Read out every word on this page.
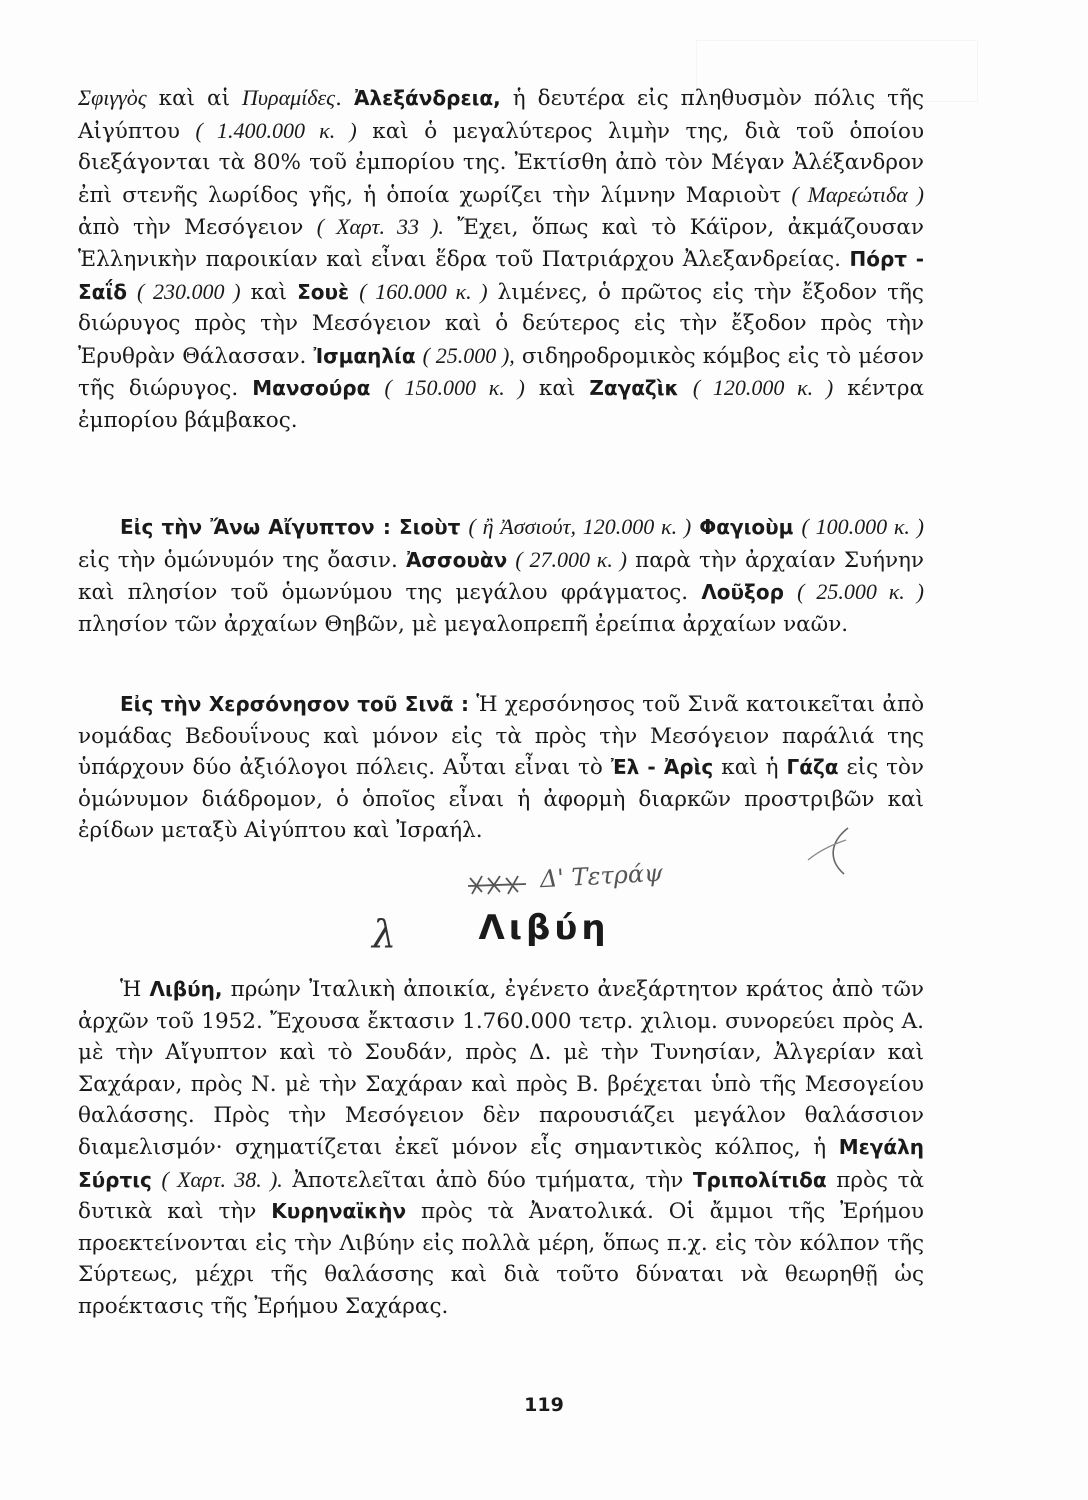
Σφιγγὸς καὶ αἱ Πυραμίδες. Ἀλεξάνδρεια, ἡ δευτέρα εἰς πληθυσμὸν πόλις τῆς Αἰγύπτου ( 1.400.000 κ. ) καὶ ὁ μεγαλύτερος λιμὴν της, διὰ τοῦ ὁποίου διεξάγονται τὰ 80% τοῦ ἐμπορίου της. Ἐκτίσθη ἀπὸ τὸν Μέγαν Ἀλέξανδρον ἐπὶ στενῆς λωρίδος γῆς, ἡ ὁποία χωρίζει τὴν λίμνην Μαριοὺτ ( Μαρεώτιδα ) ἀπὸ τὴν Μεσόγειον ( Χαρτ. 33 ). Ἔχει, ὅπως καὶ τὸ Κάϊρον, ἀκμάζουσαν Ἑλληνικὴν παροικίαν καὶ εἶναι ἕδρα τοῦ Πατριάρχου Ἀλεξανδρείας. Πόρτ - Σαΐδ ( 230.000 ) καὶ Σουὲ ( 160.000 κ. ) λιμένες, ὁ πρῶτος εἰς τὴν ἔξοδον τῆς διώρυγος πρὸς τὴν Μεσόγειον καὶ ὁ δεύτερος εἰς τὴν ἔξοδον πρὸς τὴν Ἐρυθρὰν Θάλασσαν. Ἰσμαηλία ( 25.000 ), σιδηροδρομικὸς κόμβος εἰς τὸ μέσον τῆς διώρυγος. Μανσούρα ( 150.000 κ. ) καὶ Ζαγαζὶκ ( 120.000 κ. ) κέντρα ἐμπορίου βάμβακος.

Εἰς τὴν Ἄνω Αἴγυπτον : Σιοὺτ ( ἢ Ἀσσιούτ, 120.000 κ. ) Φαγιοὺμ ( 100.000 κ. ) εἰς τὴν ὁμώνυμόν της ὄασιν. Ἀσσουὰν ( 27.000 κ. ) παρὰ τὴν ἀρχαίαν Συήνην καὶ πλησίον τοῦ ὁμωνύμου της μεγάλου φράγματος. Λοῦξορ ( 25.000 κ. ) πλησίον τῶν ἀρχαίων Θηβῶν, μὲ μεγαλοπρεπῆ ἐρείπια ἀρχαίων ναῶν.

Εἰς τὴν Χερσόνησον τοῦ Σινᾶ : Ἡ χερσόνησος τοῦ Σινᾶ κατοικεῖται ἀπὸ νομάδας Βεδουΐνους καὶ μόνον εἰς τὰ πρὸς τὴν Μεσόγειον παράλιά της ὑπάρχουν δύο ἀξιόλογοι πόλεις. Αὗται εἶναι τὸ Ἐλ - Ἀρὶς καὶ ἡ Γάζα εἰς τὸν ὁμώνυμον διάδρομον, ὁ ὁποῖος εἶναι ἡ ἀφορμὴ διαρκῶν προστριβῶν καὶ ἐρίδων μεταξὺ Αἰγύπτου καὶ Ἰσραήλ.

Δ' Τετράψ
λ	Λιβύη

Ἡ Λιβύη, πρώην Ἰταλικὴ ἀποικία, ἐγένετο ἀνεξάρτητον κράτος ἀπὸ τῶν ἀρχῶν τοῦ 1952. Ἔχουσα ἔκτασιν 1.760.000 τετρ. χιλιομ. συνορεύει πρὸς Α. μὲ τὴν Αἴγυπτον καὶ τὸ Σουδάν, πρὸς Δ. μὲ τὴν Τυνησίαν, Ἀλγερίαν καὶ Σαχάραν, πρὸς Ν. μὲ τὴν Σαχάραν καὶ πρὸς Β. βρέχεται ὑπὸ τῆς Μεσογείου θαλάσσης. Πρὸς τὴν Μεσόγειον δὲν παρουσιάζει μεγάλον θαλάσσιον διαμελισμόν· σχηματίζεται ἐκεῖ μόνον εἷς σημαντικὸς κόλπος, ἡ Μεγάλη Σύρτις ( Χαρτ. 38. ). Ἀποτελεῖται ἀπὸ δύο τμήματα, τὴν Τριπολίτιδα πρὸς τὰ δυτικὰ καὶ τὴν Κυρηναϊκὴν πρὸς τὰ Ἀνατολικά. Οἱ ἄμμοι τῆς Ἐρήμου προεκτείνονται εἰς τὴν Λιβύην εἰς πολλὰ μέρη, ὅπως π.χ. εἰς τὸν κόλπον τῆς Σύρτεως, μέχρι τῆς θαλάσσης καὶ διὰ τοῦτο δύναται νὰ θεωρηθῇ ὡς προέκτασις τῆς Ἐρήμου Σαχάρας.

119
